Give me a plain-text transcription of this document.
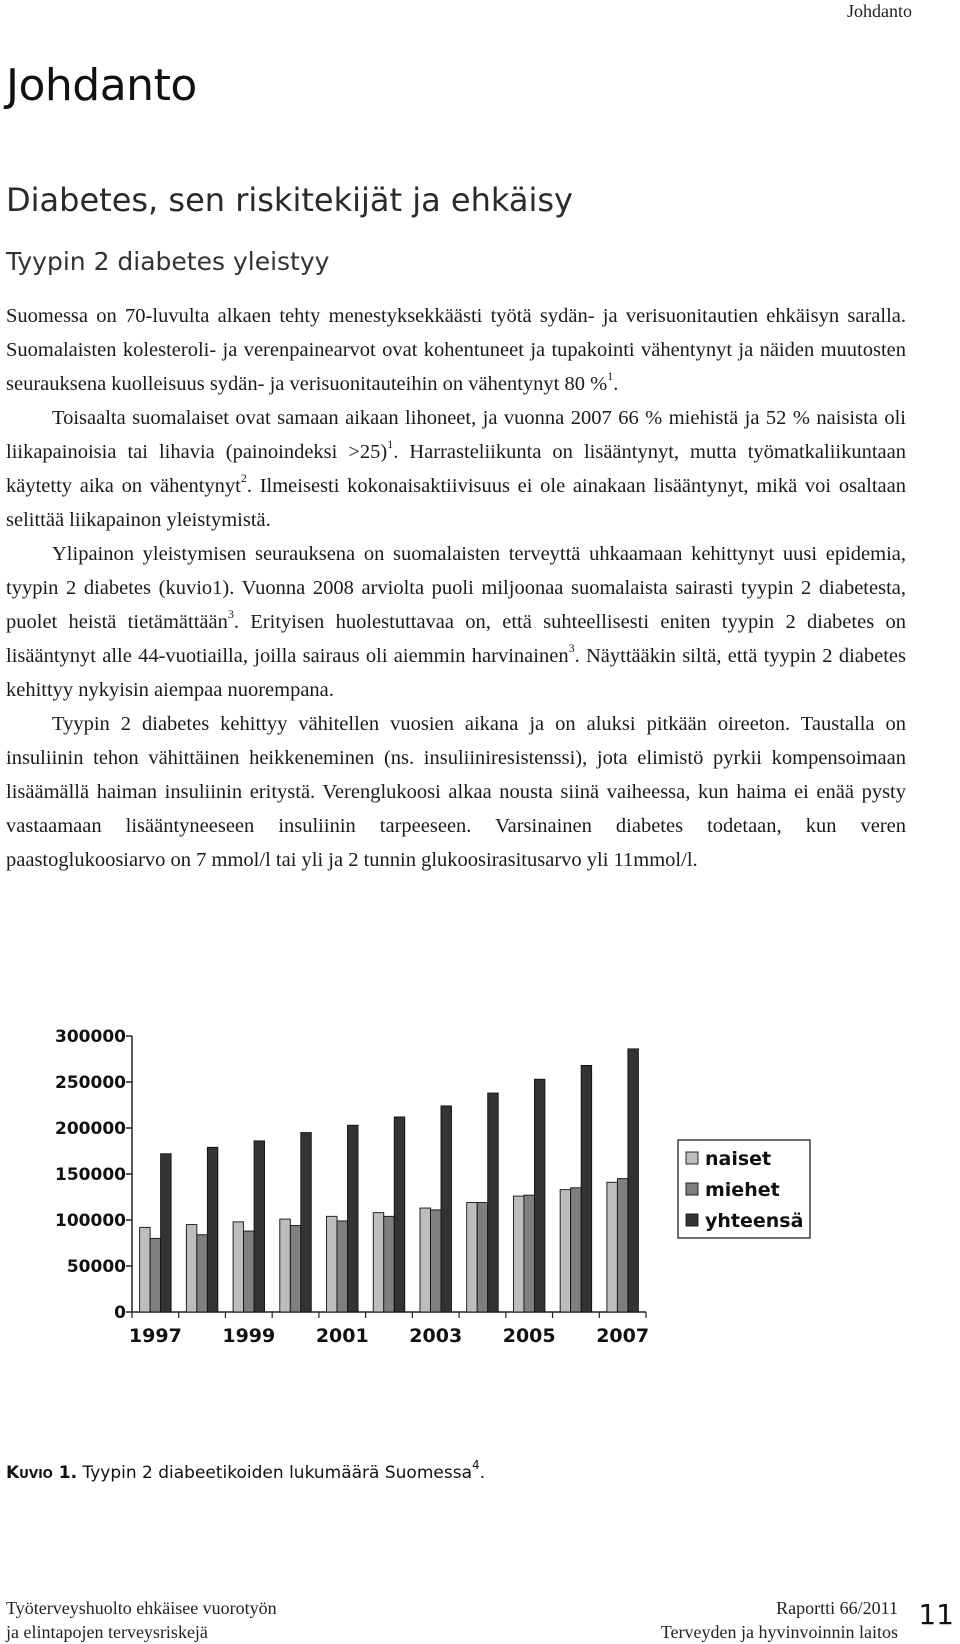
Johdanto
Johdanto
Diabetes, sen riskitekijät ja ehkäisy
Tyypin 2 diabetes yleistyy

Suomessa on 70-luvulta alkaen tehty menestyksekkäästi työtä sydän- ja verisuonitautien ehkäisyn saralla. Suomalaisten kolesteroli- ja verenpainearvot ovat kohentuneet ja tupakointi vähentynyt ja näiden muutosten seurauksena kuolleisuus sydän- ja verisuonitauteihin on vähentynyt 80 %$^1$.

Toisaalta suomalaiset ovat samaan aikaan lihoneet, ja vuonna 2007 66 % miehistä ja 52 % naisista oli liikapainoisia tai lihavia (painoindeksi >25)$^1$. Harrasteliikunta on lisääntynyt, mutta työmatkaliikuntaan käytetty aika on vähentynyt$^2$. Ilmeisesti kokonaisaktiivisuus ei ole ainakaan lisääntynyt, mikä voi osaltaan selittää liikapainon yleistymistä.

Ylipainon yleistymisen seurauksena on suomalaisten terveyttä uhkaamaan kehittynyt uusi epidemia, tyypin 2 diabetes (kuvio1). Vuonna 2008 arviolta puoli miljoonaa suomalaista sairasti tyypin 2 diabetesta, puolet heistä tietämättään$^3$. Erityisen huolestuttavaa on, että suhteellisesti eniten tyypin 2 diabetes on lisääntynyt alle 44-vuotiailla, joilla sairaus oli aiemmin harvinainen$^3$. Näyttääkin siltä, että tyypin 2 diabetes kehittyy nykyisin aiempaa nuorempana.

Tyypin 2 diabetes kehittyy vähitellen vuosien aikana ja on aluksi pitkään oireeton. Taustalla on insuliinin tehon vähittäinen heikkeneminen (ns. insuliiniresistenssi), jota elimistö pyrkii kompensoimaan lisäämällä haiman insuliinin eritystä. Verenglukoosi alkaa nousta siinä vaiheessa, kun haima ei enää pysty vastaamaan lisääntyneeseen insuliinin tarpeeseen. Varsinainen diabetes todetaan, kun veren paastoglukoosiarvo on 7 mmol/l tai yli ja 2 tunnin glukoosirasitusarvo yli 11mmol/l.

0
50000
100000
150000
200000
250000
300000
1997 1999 2001 2003 2005 2007
naiset
miehet
yhteensä
Kuvio 1. Tyypin 2 diabeetikoiden lukumäärä Suomessa$^4$.
Työterveyshuolto ehkäisee vuorotyön
ja elintapojen terveysriskejä
Raportti 66/2011
Terveyden ja hyvinvoinnin laitos
11
